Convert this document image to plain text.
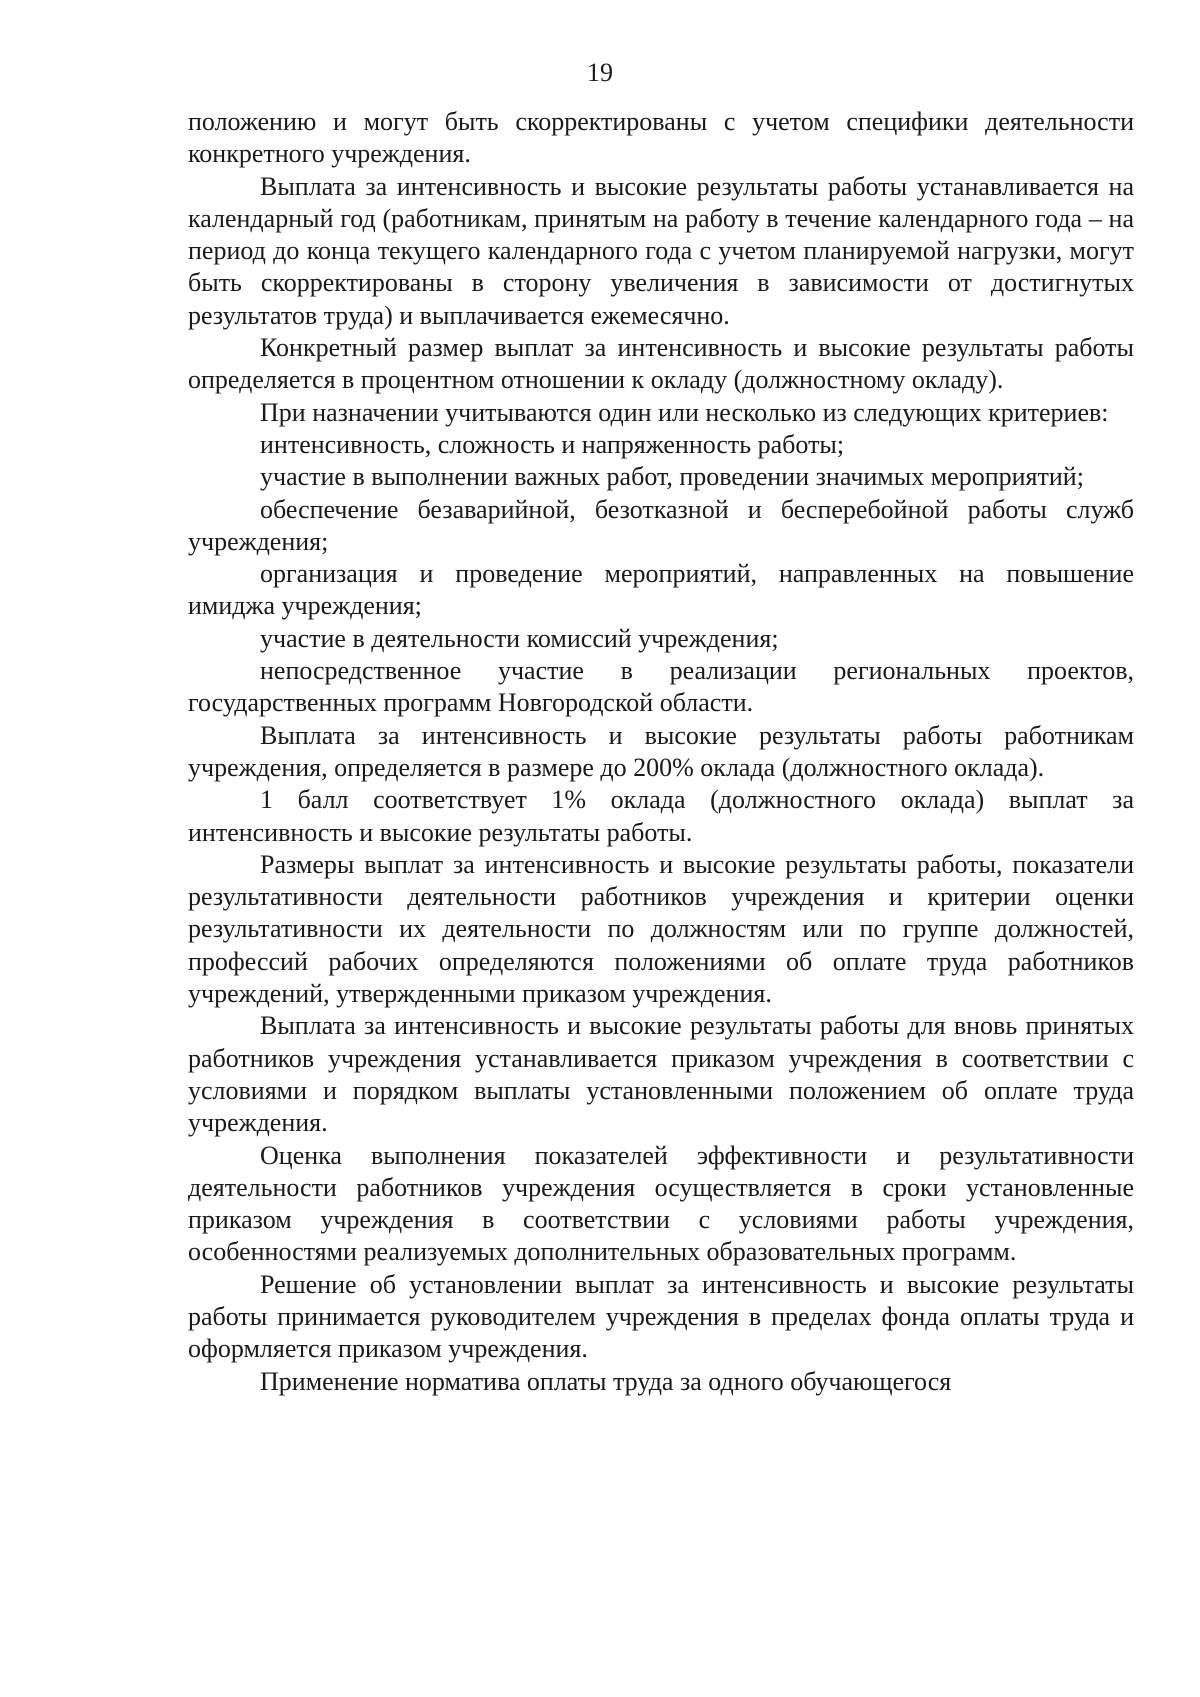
19

положению и могут быть скорректированы с учетом специфики деятельности конкретного учреждения.

Выплата за интенсивность и высокие результаты работы устанавливается на календарный год (работникам, принятым на работу в течение календарного года – на период до конца текущего календарного года с учетом планируемой нагрузки, могут быть скорректированы в сторону увеличения в зависимости от достигнутых результатов труда) и выплачивается ежемесячно.

Конкретный размер выплат за интенсивность и высокие результаты работы определяется в процентном отношении к окладу (должностному окладу).

При назначении учитываются один или несколько из следующих критериев:

интенсивность, сложность и напряженность работы;

участие в выполнении важных работ, проведении значимых мероприятий;

обеспечение безаварийной, безотказной и бесперебойной работы служб учреждения;

организация и проведение мероприятий, направленных на повышение имиджа учреждения;

участие в деятельности комиссий учреждения;

непосредственное участие в реализации региональных проектов, государственных программ Новгородской области.

Выплата за интенсивность и высокие результаты работы работникам учреждения, определяется в размере до 200% оклада (должностного оклада).

1 балл соответствует 1% оклада (должностного оклада) выплат за интенсивность и высокие результаты работы.

Размеры выплат за интенсивность и высокие результаты работы, показатели результативности деятельности работников учреждения и критерии оценки результативности их деятельности по должностям или по группе должностей, профессий рабочих определяются положениями об оплате труда работников учреждений, утвержденными приказом учреждения.

Выплата за интенсивность и высокие результаты работы для вновь принятых работников учреждения устанавливается приказом учреждения в соответствии с условиями и порядком выплаты установленными положением об оплате труда учреждения.

Оценка выполнения показателей эффективности и результативности деятельности работников учреждения осуществляется в сроки установленные приказом учреждения в соответствии с условиями работы учреждения, особенностями реализуемых дополнительных образовательных программ.

Решение об установлении выплат за интенсивность и высокие результаты работы принимается руководителем учреждения в пределах фонда оплаты труда и оформляется приказом учреждения.

Применение норматива оплаты труда за одного обучающегося
